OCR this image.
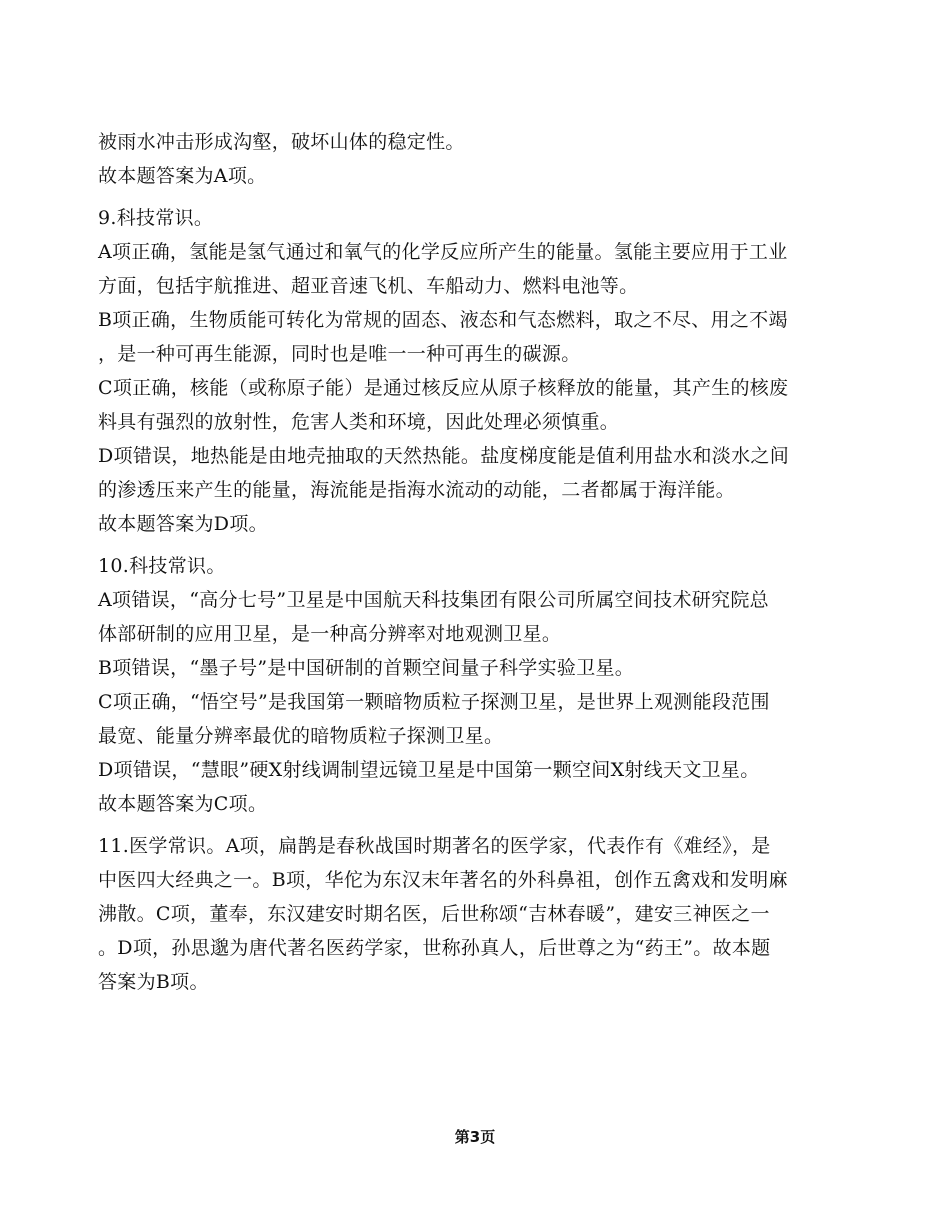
被雨水冲击形成沟壑，破坏山体的稳定性。
故本题答案为A项。
9.科技常识。
A项正确，氢能是氢气通过和氧气的化学反应所产生的能量。氢能主要应用于工业
方面，包括宇航推进、超亚音速飞机、车船动力、燃料电池等。
B项正确，生物质能可转化为常规的固态、液态和气态燃料，取之不尽、用之不竭
，是一种可再生能源，同时也是唯一一种可再生的碳源。
C项正确，核能（或称原子能）是通过核反应从原子核释放的能量，其产生的核废
料具有强烈的放射性，危害人类和环境，因此处理必须慎重。
D项错误，地热能是由地壳抽取的天然热能。盐度梯度能是值利用盐水和淡水之间
的渗透压来产生的能量，海流能是指海水流动的动能，二者都属于海洋能。
故本题答案为D项。
10.科技常识。
A项错误，“高分七号”卫星是中国航天科技集团有限公司所属空间技术研究院总
体部研制的应用卫星，是一种高分辨率对地观测卫星。
B项错误，“墨子号”是中国研制的首颗空间量子科学实验卫星。
C项正确，“悟空号”是我国第一颗暗物质粒子探测卫星，是世界上观测能段范围
最宽、能量分辨率最优的暗物质粒子探测卫星。
D项错误，“慧眼”硬X射线调制望远镜卫星是中国第一颗空间X射线天文卫星。
故本题答案为C项。
11.医学常识。A项，扁鹊是春秋战国时期著名的医学家，代表作有《难经》，是
中医四大经典之一。B项，华佗为东汉末年著名的外科鼻祖，创作五禽戏和发明麻
沸散。C项，董奉，东汉建安时期名医，后世称颂“吉林春暖”，建安三神医之一
。D项，孙思邈为唐代著名医药学家，世称孙真人，后世尊之为“药王”。故本题
答案为B项。
第3页
